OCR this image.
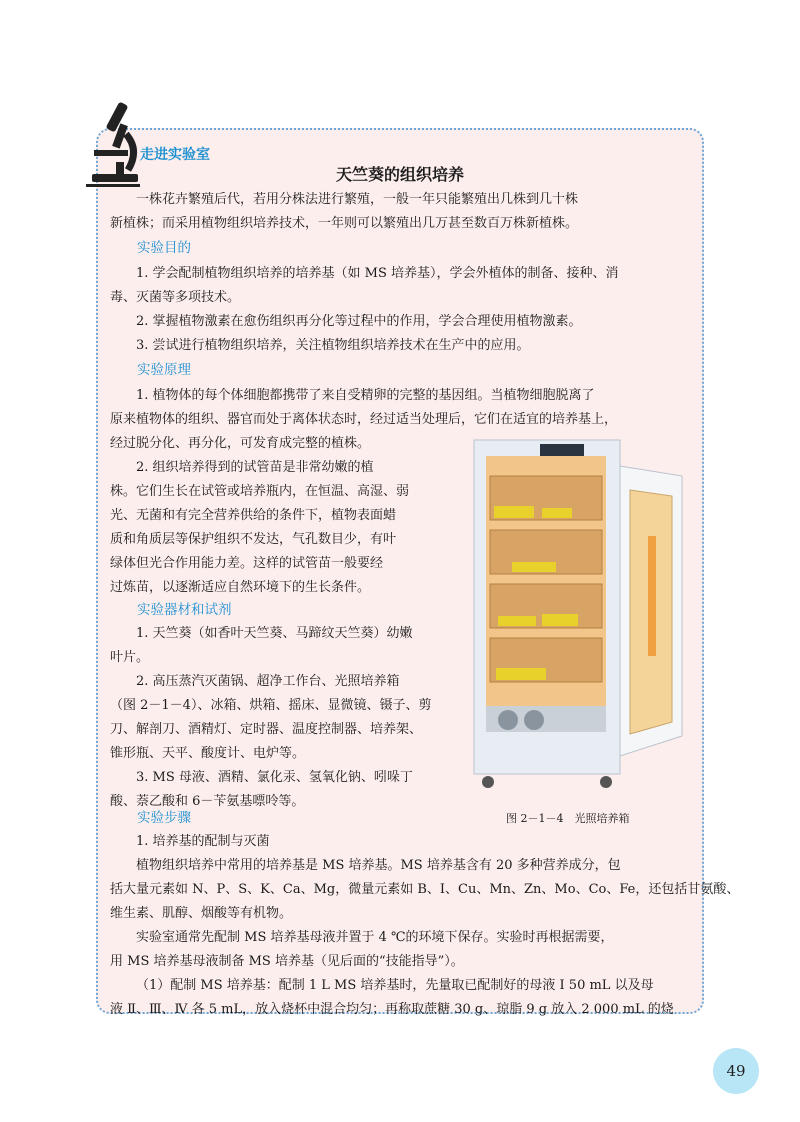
走进实验室
天竺葵的组织培养
一株花卉繁殖后代，若用分株法进行繁殖，一般一年只能繁殖出几株到几十株
新植株；而采用植物组织培养技术，一年则可以繁殖出几万甚至数百万株新植株。
实验目的
1. 学会配制植物组织培养的培养基（如 MS 培养基），学会外植体的制备、接种、消
毒、灭菌等多项技术。
2. 掌握植物激素在愈伤组织再分化等过程中的作用，学会合理使用植物激素。
3. 尝试进行植物组织培养，关注植物组织培养技术在生产中的应用。
实验原理
1. 植物体的每个体细胞都携带了来自受精卵的完整的基因组。当植物细胞脱离了
原来植物体的组织、器官而处于离体状态时，经过适当处理后，它们在适宜的培养基上，
经过脱分化、再分化，可发育成完整的植株。
2. 组织培养得到的试管苗是非常幼嫩的植
株。它们生长在试管或培养瓶内，在恒温、高湿、弱
光、无菌和有完全营养供给的条件下，植物表面蜡
质和角质层等保护组织不发达，气孔数目少，有叶
绿体但光合作用能力差。这样的试管苗一般要经
过炼苗，以逐渐适应自然环境下的生长条件。
实验器材和试剂
1. 天竺葵（如香叶天竺葵、马蹄纹天竺葵）幼嫩
叶片。
2. 高压蒸汽灭菌锅、超净工作台、光照培养箱
（图 2－1－4）、冰箱、烘箱、摇床、显微镜、镊子、剪
刀、解剖刀、酒精灯、定时器、温度控制器、培养架、
锥形瓶、天平、酸度计、电炉等。
3. MS 母液、酒精、氯化汞、氢氧化钠、吲哚丁
酸、萘乙酸和 6－苄氨基嘌呤等。
实验步骤
1. 培养基的配制与灭菌
植物组织培养中常用的培养基是 MS 培养基。MS 培养基含有 20 多种营养成分，包
括大量元素如 N、P、S、K、Ca、Mg，微量元素如 B、I、Cu、Mn、Zn、Mo、Co、Fe，还包括甘氨酸、
维生素、肌醇、烟酸等有机物。
实验室通常先配制 MS 培养基母液并置于 4 ℃的环境下保存。实验时再根据需要，
用 MS 培养基母液制备 MS 培养基（见后面的“技能指导”）。
（1）配制 MS 培养基：配制 1 L MS 培养基时，先量取已配制好的母液 Ⅰ 50 mL 以及母
液 Ⅱ、Ⅲ、Ⅳ 各 5 mL，放入烧杯中混合均匀；再称取蔗糖 30 g、琼脂 9 g 放入 2 000 mL 的烧
图 2－1－4　光照培养箱
49
